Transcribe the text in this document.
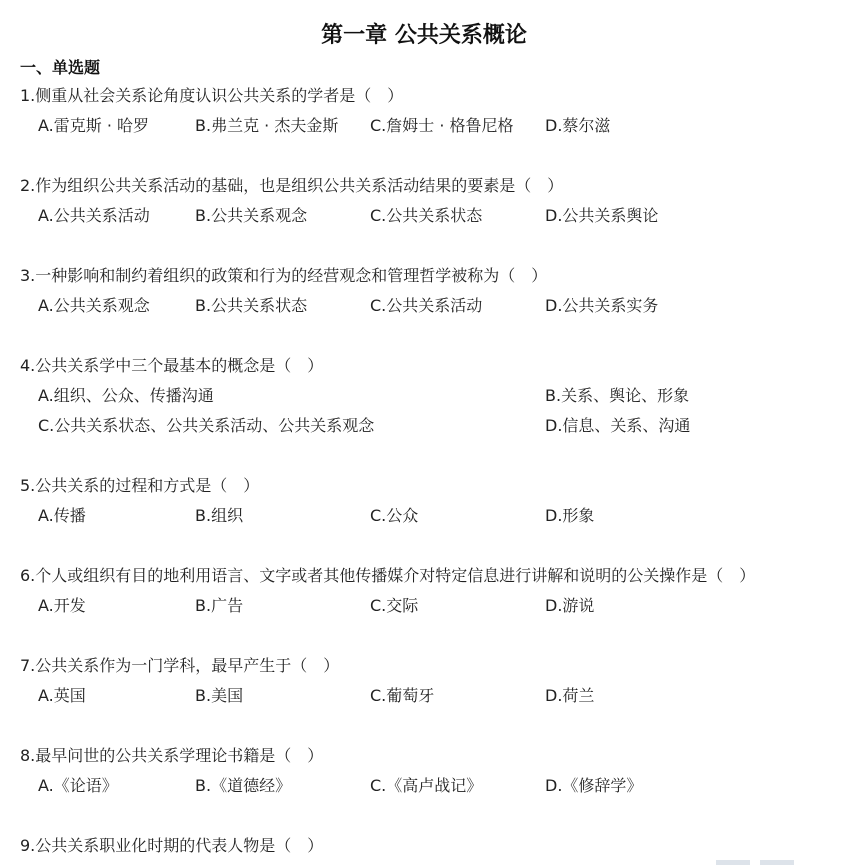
第一章 公共关系概论
一、单选题
1.侧重从社会关系论角度认识公共关系的学者是（　）
A.雷克斯 · 哈罗	B.弗兰克 · 杰夫金斯 C.詹姆士 · 格鲁尼格 D.蔡尔滋
2.作为组织公共关系活动的基础，也是组织公共关系活动结果的要素是（　）
A.公共关系活动	B.公共关系观念	C.公共关系状态	D.公共关系舆论
3.一种影响和制约着组织的政策和行为的经营观念和管理哲学被称为（　）
A.公共关系观念	B.公共关系状态	C.公共关系活动	D.公共关系实务
4.公共关系学中三个最基本的概念是（　）
A.组织、公众、传播沟通	B.关系、舆论、形象
C.公共关系状态、公共关系活动、公共关系观念	D.信息、关系、沟通
5.公共关系的过程和方式是（　）
A.传播	B.组织	C.公众	D.形象
6.个人或组织有目的地利用语言、文字或者其他传播媒介对特定信息进行讲解和说明的公关操作是（　）
A.开发	B.广告	C.交际	D.游说
7.公共关系作为一门学科，最早产生于（　）
A.英国	B.美国	C.葡萄牙	D.荷兰
8.最早问世的公共关系学理论书籍是（　）
A.《论语》	B.《道德经》	C.《高卢战记》	D.《修辞学》
9.公共关系职业化时期的代表人物是（　）
